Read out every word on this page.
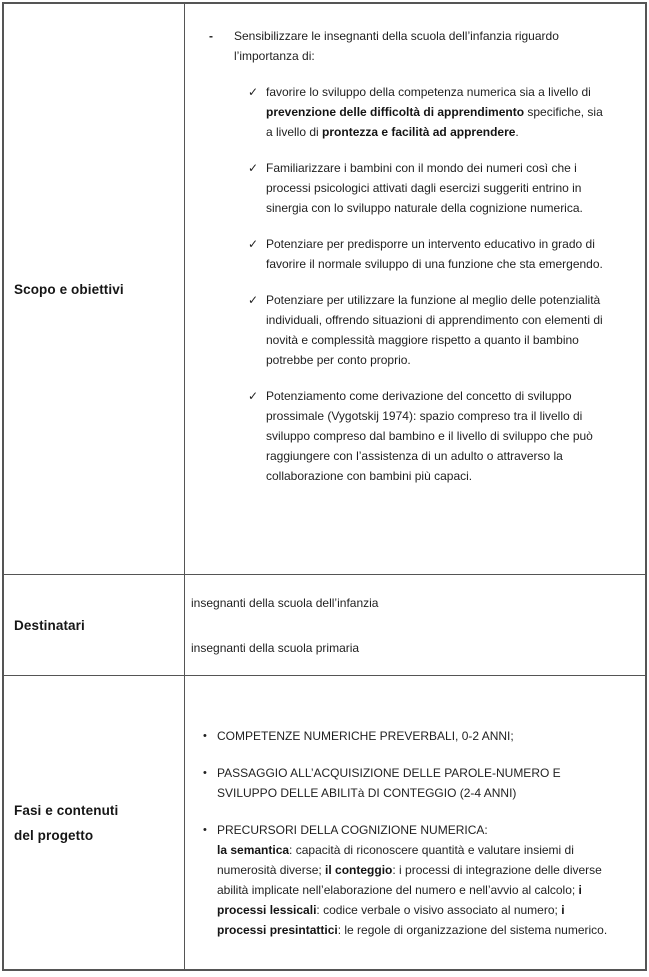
Scopo e obiettivi
-	Sensibilizzare le insegnanti della scuola dell’infanzia riguardo l’importanza di:
✓ favorire lo sviluppo della competenza numerica sia a livello di prevenzione delle difficoltà di apprendimento specifiche, sia a livello di prontezza e facilità ad apprendere.
✓ Familiarizzare i bambini con il mondo dei numeri così che i processi psicologici attivati dagli esercizi suggeriti entrino in sinergia con lo sviluppo naturale della cognizione numerica.
✓ Potenziare per predisporre un intervento educativo in grado di favorire il normale sviluppo di una funzione che sta emergendo.
✓ Potenziare per utilizzare la funzione al meglio delle potenzialità individuali, offrendo situazioni di apprendimento con elementi di novità e complessità maggiore rispetto a quanto il bambino potrebbe per conto proprio.
✓ Potenziamento come derivazione del concetto di sviluppo prossimale (Vygotskij 1974): spazio compreso tra il livello di sviluppo compreso dal bambino e il livello di sviluppo che può raggiungere con l’assistenza di un adulto o attraverso la collaborazione con bambini più capaci.
Destinatari
insegnanti della scuola dell’infanzia
insegnanti della scuola primaria
Fasi e contenuti
del progetto
• COMPETENZE NUMERICHE PREVERBALI, 0-2 ANNI;
• PASSAGGIO ALL’ACQUISIZIONE DELLE PAROLE-NUMERO E SVILUPPO DELLE ABILITà DI CONTEGGIO (2-4 ANNI)
• PRECURSORI DELLA COGNIZIONE NUMERICA:
la semantica: capacità di riconoscere quantità e valutare insiemi di numerosità diverse; il conteggio: i processi di integrazione delle diverse abilità implicate nell’elaborazione del numero e nell’avvio al calcolo; i processi lessicali: codice verbale o visivo associato al numero; i processi presintattici: le regole di organizzazione del sistema numerico.
